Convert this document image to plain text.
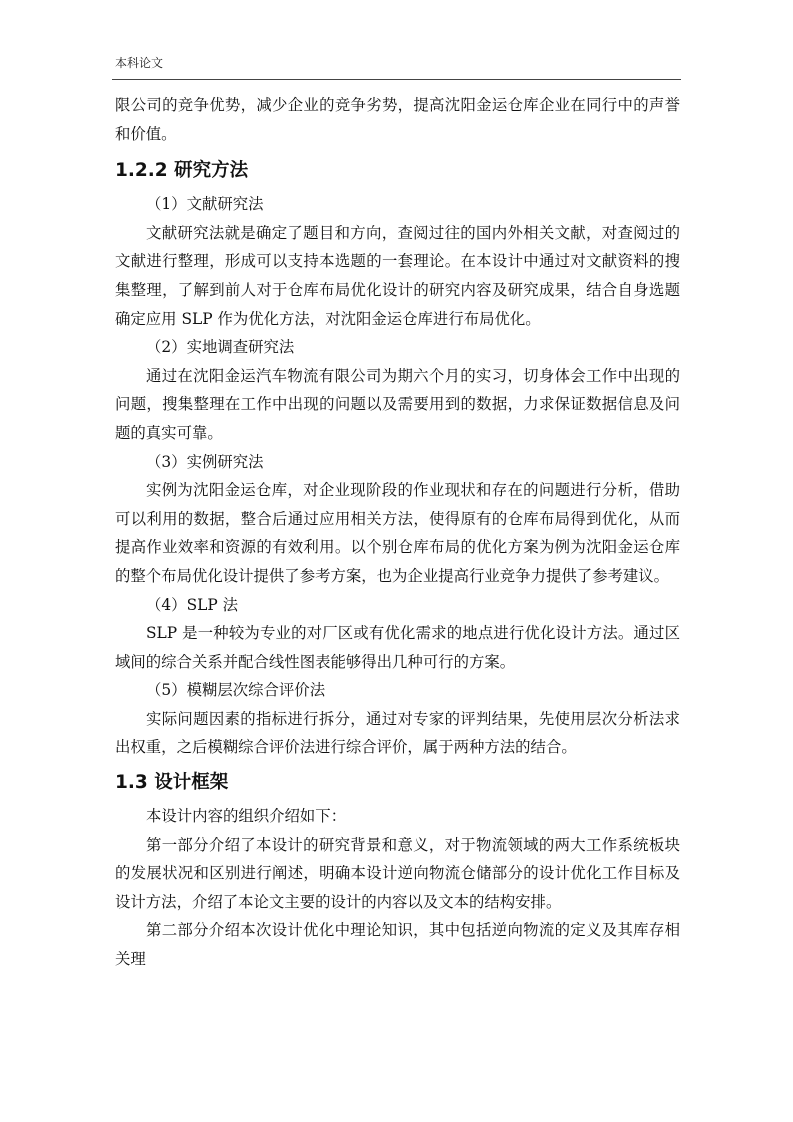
本科论文

限公司的竞争优势，减少企业的竞争劣势，提高沈阳金运仓库企业在同行中的声誉和价值。

1.2.2 研究方法

（1）文献研究法

文献研究法就是确定了题目和方向，查阅过往的国内外相关文献，对查阅过的文献进行整理，形成可以支持本选题的一套理论。在本设计中通过对文献资料的搜集整理，了解到前人对于仓库布局优化设计的研究内容及研究成果，结合自身选题确定应用 SLP 作为优化方法，对沈阳金运仓库进行布局优化。

（2）实地调查研究法

通过在沈阳金运汽车物流有限公司为期六个月的实习，切身体会工作中出现的问题，搜集整理在工作中出现的问题以及需要用到的数据，力求保证数据信息及问题的真实可靠。

（3）实例研究法

实例为沈阳金运仓库，对企业现阶段的作业现状和存在的问题进行分析，借助可以利用的数据，整合后通过应用相关方法，使得原有的仓库布局得到优化，从而提高作业效率和资源的有效利用。以个别仓库布局的优化方案为例为沈阳金运仓库的整个布局优化设计提供了参考方案，也为企业提高行业竞争力提供了参考建议。

（4）SLP 法

SLP 是一种较为专业的对厂区或有优化需求的地点进行优化设计方法。通过区域间的综合关系并配合线性图表能够得出几种可行的方案。

（5）模糊层次综合评价法

实际问题因素的指标进行拆分，通过对专家的评判结果，先使用层次分析法求出权重，之后模糊综合评价法进行综合评价，属于两种方法的结合。

1.3 设计框架

本设计内容的组织介绍如下：

第一部分介绍了本设计的研究背景和意义，对于物流领域的两大工作系统板块的发展状况和区别进行阐述，明确本设计逆向物流仓储部分的设计优化工作目标及设计方法，介绍了本论文主要的设计的内容以及文本的结构安排。

第二部分介绍本次设计优化中理论知识，其中包括逆向物流的定义及其库存相关理
